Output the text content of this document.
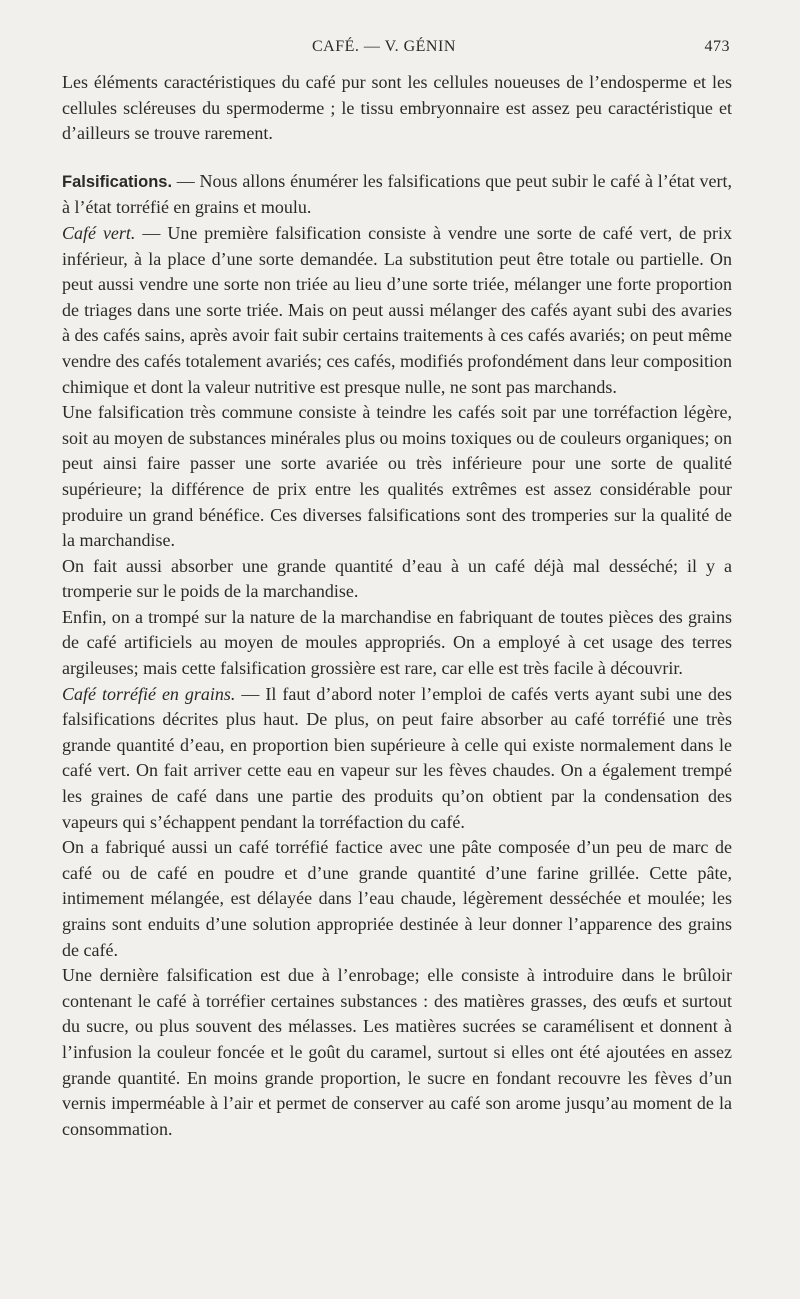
CAFÉ. — V. GÉNIN	473

Les éléments caractéristiques du café pur sont les cellules noueuses de l’endosperme et les cellules scléreuses du spermoderme ; le tissu embryonnaire est assez peu caractéristique et d’ailleurs se trouve rarement.

Falsifications. — Nous allons énumérer les falsifications que peut subir le café à l’état vert, à l’état torréfié en grains et moulu.

Café vert. — Une première falsification consiste à vendre une sorte de café vert, de prix inférieur, à la place d’une sorte demandée. La substitution peut être totale ou partielle. On peut aussi vendre une sorte non triée au lieu d’une sorte triée, mélanger une forte proportion de triages dans une sorte triée. Mais on peut aussi mélanger des cafés ayant subi des avaries à des cafés sains, après avoir fait subir certains traitements à ces cafés avariés; on peut même vendre des cafés totalement avariés; ces cafés, modifiés profondément dans leur composition chimique et dont la valeur nutritive est presque nulle, ne sont pas marchands.

Une falsification très commune consiste à teindre les cafés soit par une torréfaction légère, soit au moyen de substances minérales plus ou moins toxiques ou de couleurs organiques; on peut ainsi faire passer une sorte avariée ou très inférieure pour une sorte de qualité supérieure; la différence de prix entre les qualités extrêmes est assez considérable pour produire un grand bénéfice. Ces diverses falsifications sont des tromperies sur la qualité de la marchandise.

On fait aussi absorber une grande quantité d’eau à un café déjà mal desséché; il y a tromperie sur le poids de la marchandise.

Enfin, on a trompé sur la nature de la marchandise en fabriquant de toutes pièces des grains de café artificiels au moyen de moules appropriés. On a employé à cet usage des terres argileuses; mais cette falsification grossière est rare, car elle est très facile à découvrir.

Café torréfié en grains. — Il faut d’abord noter l’emploi de cafés verts ayant subi une des falsifications décrites plus haut. De plus, on peut faire absorber au café torréfié une très grande quantité d’eau, en proportion bien supérieure à celle qui existe normalement dans le café vert. On fait arriver cette eau en vapeur sur les fèves chaudes. On a également trempé les graines de café dans une partie des produits qu’on obtient par la condensation des vapeurs qui s’échappent pendant la torréfaction du café.

On a fabriqué aussi un café torréfié factice avec une pâte composée d’un peu de marc de café ou de café en poudre et d’une grande quantité d’une farine grillée. Cette pâte, intimement mélangée, est délayée dans l’eau chaude, légèrement desséchée et moulée; les grains sont enduits d’une solution appropriée destinée à leur donner l’apparence des grains de café.

Une dernière falsification est due à l’enrobage; elle consiste à introduire dans le brûloir contenant le café à torréfier certaines substances : des matières grasses, des œufs et surtout du sucre, ou plus souvent des mélasses. Les matières sucrées se caramélisent et donnent à l’infusion la couleur foncée et le goût du caramel, surtout si elles ont été ajoutées en assez grande quantité. En moins grande proportion, le sucre en fondant recouvre les fèves d’un vernis imperméable à l’air et permet de conserver au café son arome jusqu’au moment de la consommation.
